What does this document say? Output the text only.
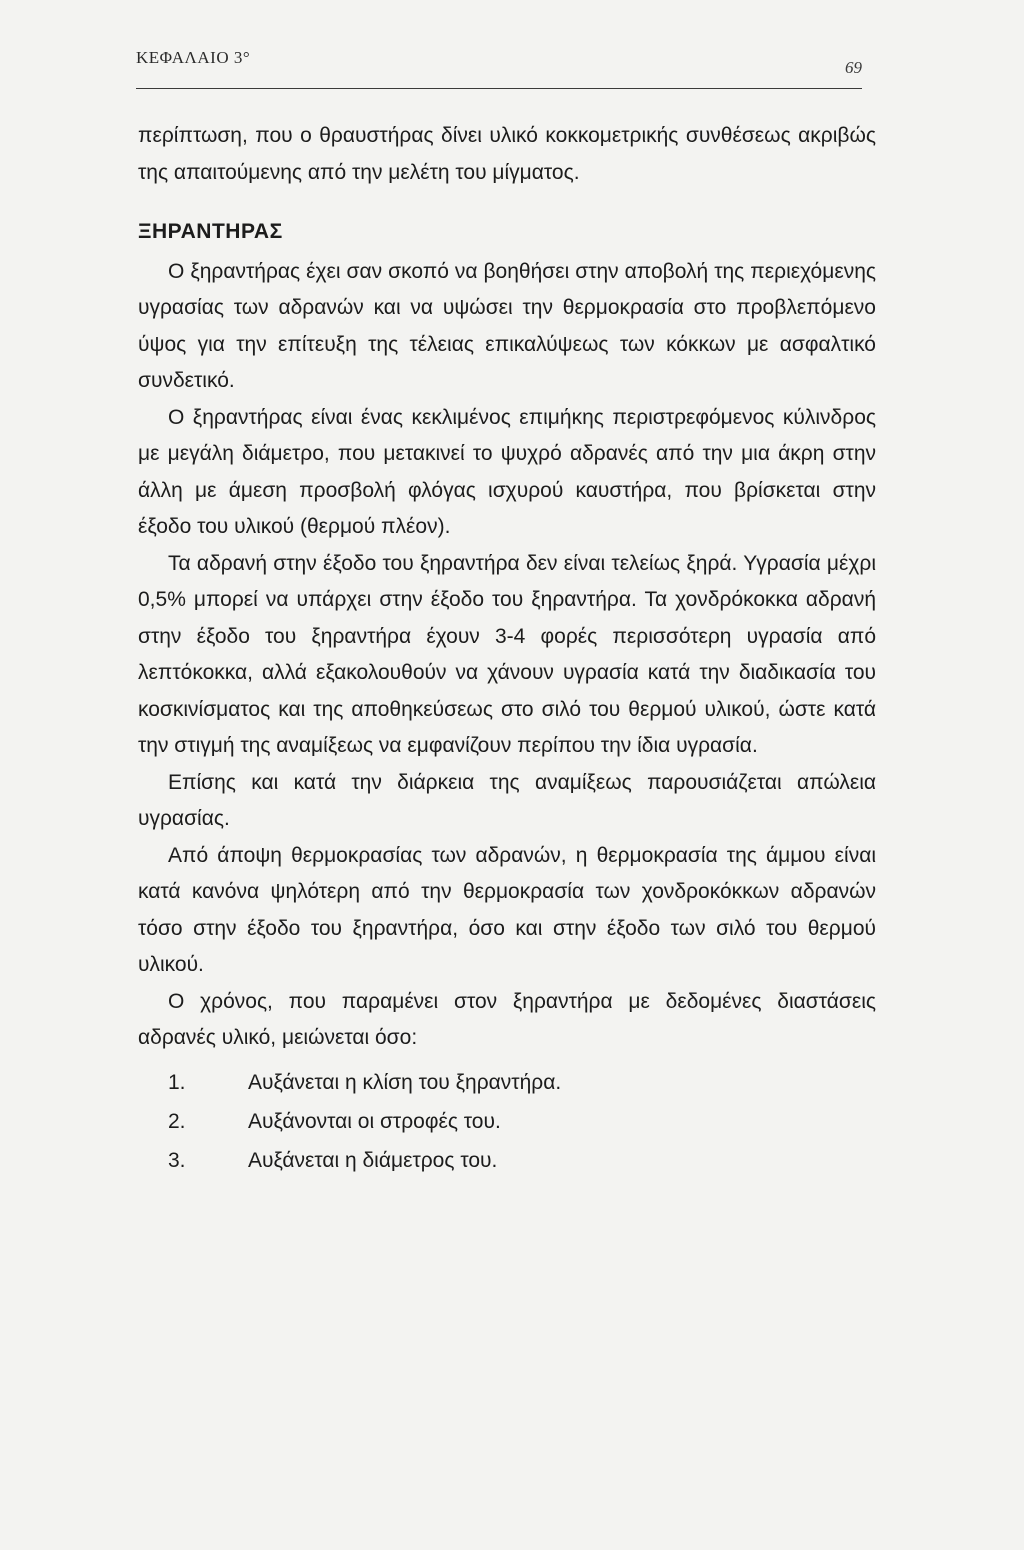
ΚΕΦΑΛΑΙΟ 3°
69

περίπτωση, που ο θραυστήρας δίνει υλικό κοκκομετρικής συνθέσεως ακριβώς της απαιτούμενης από την μελέτη του μίγματος.

ΞΗΡΑΝΤΗΡΑΣ

Ο ξηραντήρας έχει σαν σκοπό να βοηθήσει στην αποβολή της περιεχόμενης υγρασίας των αδρανών και να υψώσει την θερμοκρασία στο προβλεπόμενο ύψος για την επίτευξη της τέλειας επικαλύψεως των κόκκων με ασφαλτικό συνδετικό.

Ο ξηραντήρας είναι ένας κεκλιμένος επιμήκης περιστρεφόμενος κύλινδρος με μεγάλη διάμετρο, που μετακινεί το ψυχρό αδρανές από την μια άκρη στην άλλη με άμεση προσβολή φλόγας ισχυρού καυστήρα, που βρίσκεται στην έξοδο του υλικού (θερμού πλέον).

Τα αδρανή στην έξοδο του ξηραντήρα δεν είναι τελείως ξηρά. Υγρασία μέχρι 0,5% μπορεί να υπάρχει στην έξοδο του ξηραντήρα. Τα χονδρόκοκκα αδρανή στην έξοδο του ξηραντήρα έχουν 3-4 φορές περισσότερη υγρασία από λεπτόκοκκα, αλλά εξακολουθούν να χάνουν υγρασία κατά την διαδικασία του κοσκινίσματος και της αποθηκεύσεως στο σιλό του θερμού υλικού, ώστε κατά την στιγμή της αναμίξεως να εμφανίζουν περίπου την ίδια υγρασία.

Επίσης και κατά την διάρκεια της αναμίξεως παρουσιάζεται απώλεια υγρασίας.

Από άποψη θερμοκρασίας των αδρανών, η θερμοκρασία της άμμου είναι κατά κανόνα ψηλότερη από την θερμοκρασία των χονδροκόκκων αδρανών τόσο στην έξοδο του ξηραντήρα, όσο και στην έξοδο των σιλό του θερμού υλικού.

Ο χρόνος, που παραμένει στον ξηραντήρα με δεδομένες διαστάσεις αδρανές υλικό, μειώνεται όσο:

1.	Αυξάνεται η κλίση του ξηραντήρα.
2.	Αυξάνονται οι στροφές του.
3.	Αυξάνεται η διάμετρος του.
